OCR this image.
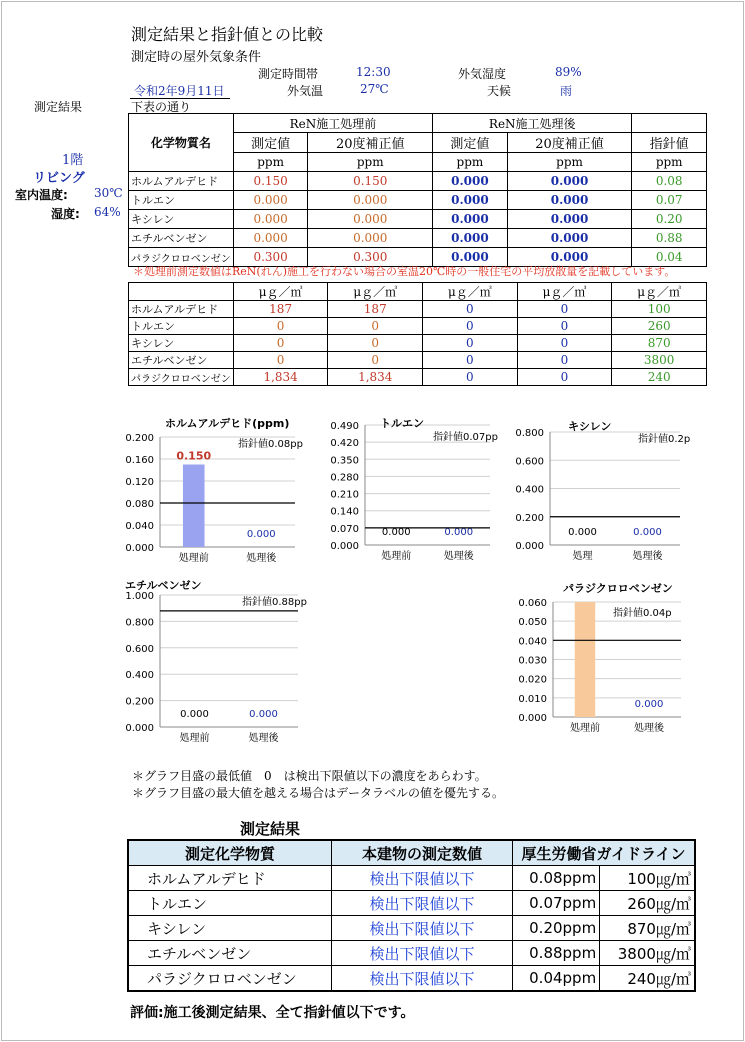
測定結果と指針値との比較
測定時の屋外気象条件
測定時間帯	12:30	外気湿度	89%
令和2年9月11日	外気温	27℃	天候	雨
測定結果	下表の通り
1階
リビング
室内温度: 30℃
湿度: 64%
化学物質名	ReN施工処理前		ReN施工処理後		
	測定値	20度補正値	測定値	20度補正値	指針値
	ppm	ppm	ppm	ppm	ppm
ホルムアルデヒド	0.150	0.150	0.000	0.000	0.08
トルエン	0.000	0.000	0.000	0.000	0.07
キシレン	0.000	0.000	0.000	0.000	0.20
エチルベンゼン	0.000	0.000	0.000	0.000	0.88
パラジクロロベンゼン	0.300	0.300	0.000	0.000	0.04
＊処理前測定数値はReN(れん)施工を行わない場合の室温20℃時の一般住宅の平均放散量を記載しています。
	μｇ／㎥	μｇ／㎥	μｇ／㎥	μｇ／㎥	μｇ／㎥
ホルムアルデヒド	187	187	0	0	100
トルエン	0	0	0	0	260
キシレン	0	0	0	0	870
エチルベンゼン	0	0	0	0	3800
パラジクロロベンゼン	1,834	1,834	0	0	240
0.200
0.160
0.120
0.080
0.040
0.000
0.150
処理前
0.000
処理後
指針値0.08pp
ホルムアルデヒド(ppm)	0.490
0.420
0.350
0.280
0.210
0.140
0.070
0.000
0.000
処理前
0.000
処理後
指針値0.07pp
トルエン
0.800
0.600
0.400
0.200
0.000
0.000
処理
0.000
処理後
指針値0.2p
キシレン
1.000
0.800
0.600
0.400
0.200
0.000
0.000
処理前
0.000
処理後
指針値0.88pp
エチルベンゼン
0.060
0.050
0.040
0.030
0.020
0.010
0.000
処理前
0.000
処理後
指針値0.04p
パラジクロロベンゼン
＊グラフ目盛の最低値　0　は検出下限値以下の濃度をあらわす。
＊グラフ目盛の最大値を越える場合はデータラベルの値を優先する。
測定結果
測定化学物質	本建物の測定数値	厚生労働省ガイドライン	
ホルムアルデヒド	検出下限値以下	0.08ppm	100㎍/㎥
トルエン	検出下限値以下	0.07ppm	260㎍/㎥
キシレン	検出下限値以下	0.20ppm	870㎍/㎥
エチルベンゼン	検出下限値以下	0.88ppm	3800㎍/㎥
パラジクロロベンゼン	検出下限値以下	0.04ppm	240㎍/㎥
評価:施工後測定結果、全て指針値以下です。
